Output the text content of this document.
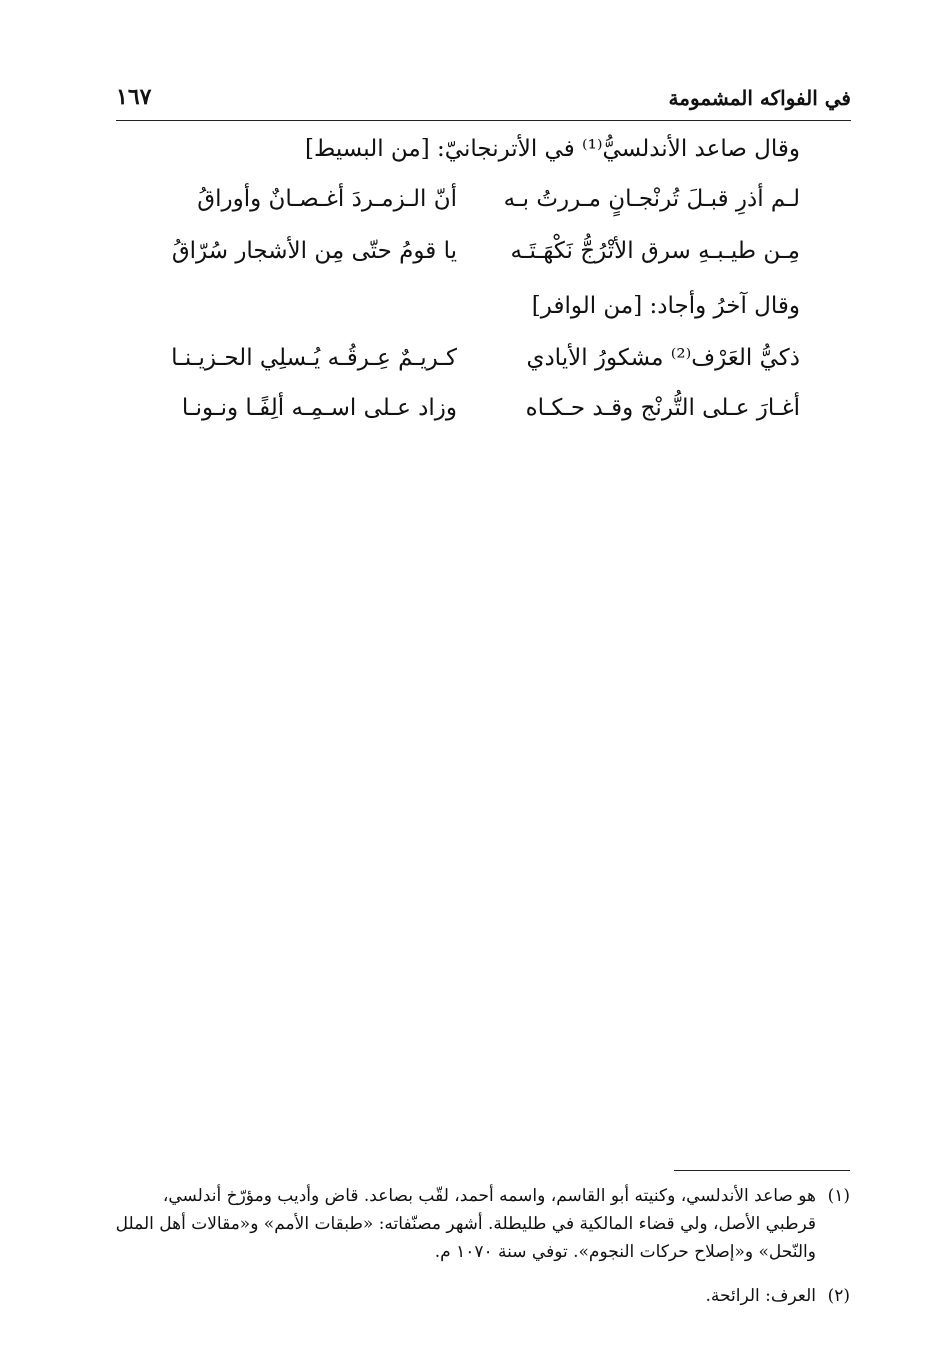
في الفواكه المشمومة
١٦٧
وقال صاعد الأندلسيُّ⁽¹⁾ في الأترنجانيّ: [من البسيط]
لـم أذرِ قبـلَ تُرنْجـانٍ مـررتُ بـه
أنّ الـزمـردَ أغـصـانٌ وأوراقُ
مِـن طيـبـهِ سرق الأتْرُجُّ نَكْهَـتَـه
يا قومُ حتّى مِن الأشجار سُرّاقُ
وقال آخرُ وأجاد: [من الوافر]
ذكيُّ العَرْف⁽²⁾ مشكورُ الأيادي
كـريـمٌ عِـرقُـه يُـسلِي الحـزيـنـا
أغـارَ عـلى التُّرنْج وقـد حـكـاه
وزاد عـلى اسـمِـه ألِفًـا ونـونـا
(١)
هو صاعد الأندلسي، وكنيته أبو القاسم، واسمه أحمد، لقّب بصاعد. قاض وأديب ومؤرّخ أندلسي، قرطبي الأصل، ولي قضاء المالكية في طليطلة. أشهر مصنّفاته: «طبقات الأمم» و«مقالات أهل الملل والنّحل» و«إصلاح حركات النجوم». توفي سنة ١٠٧٠ م.
(٢)
العرف: الرائحة.
